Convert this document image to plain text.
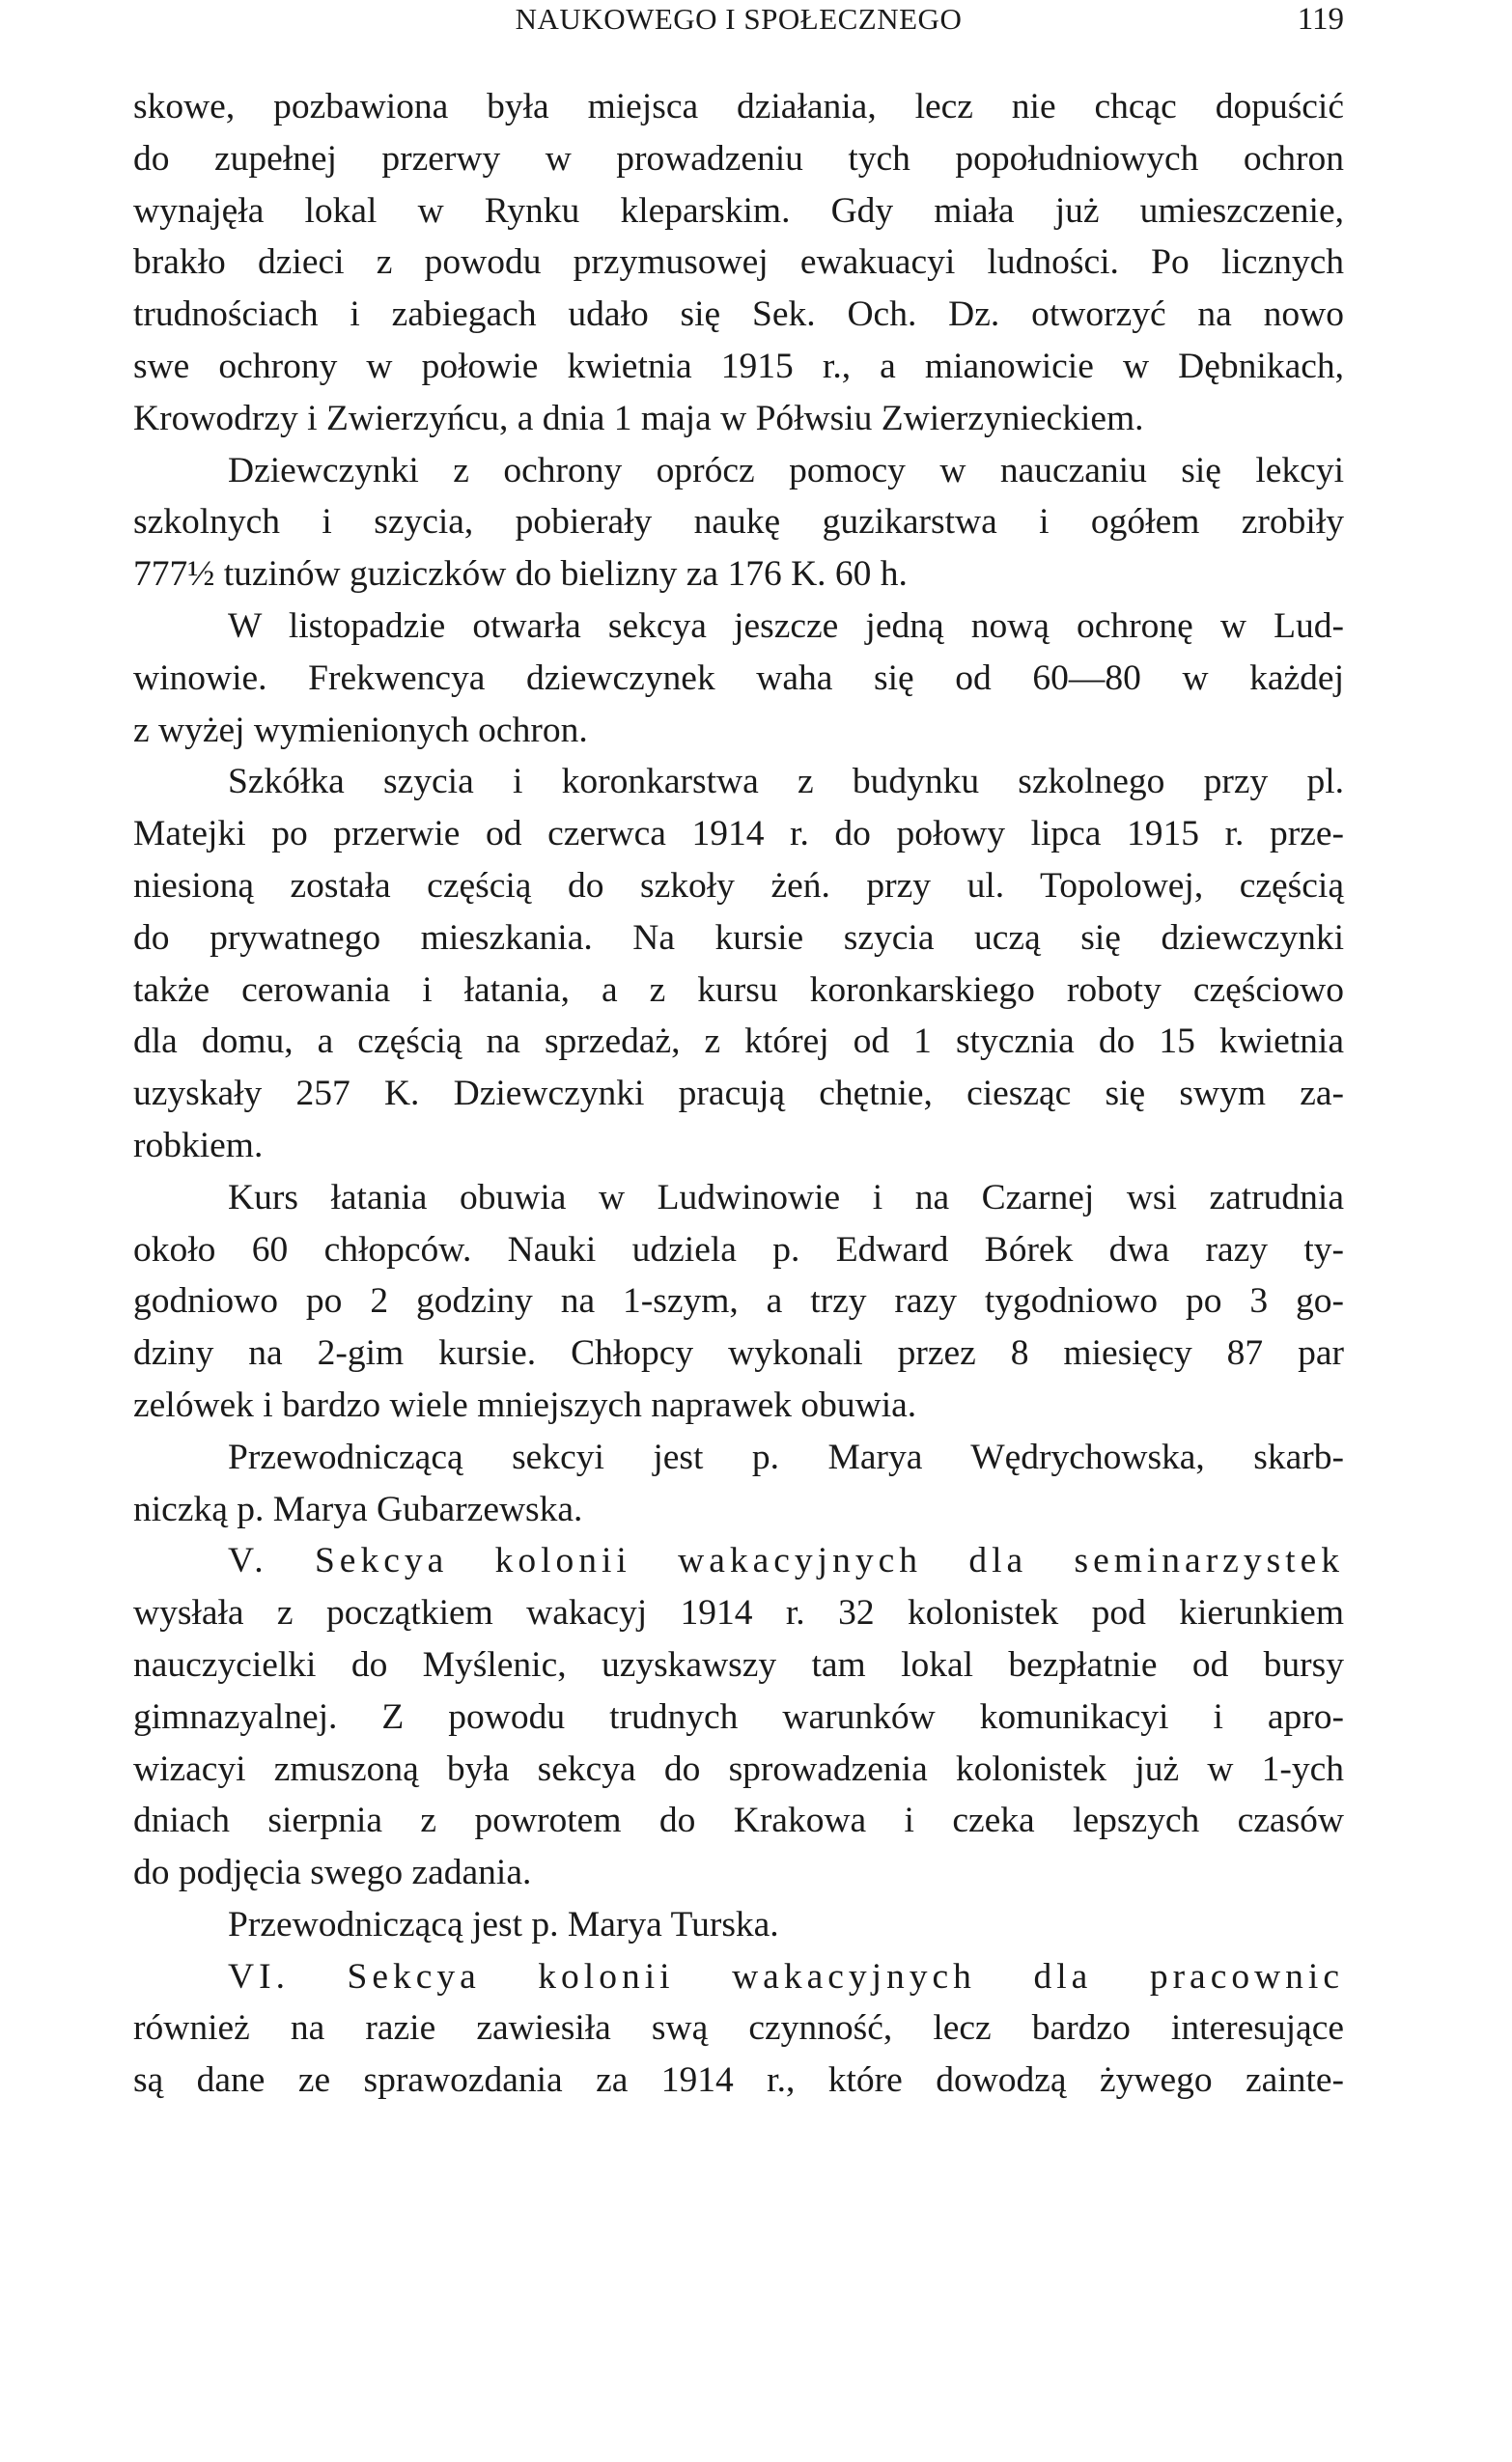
NAUKOWEGO I SPOŁECZNEGO	119
skowe, pozbawiona była miejsca działania, lecz nie chcąc dopuścić
do zupełnej przerwy w prowadzeniu tych popołudniowych ochron
wynajęła lokal w Rynku kleparskim. Gdy miała już umieszczenie,
brakło dzieci z powodu przymusowej ewakuacyi ludności. Po licznych
trudnościach i zabiegach udało się Sek. Och. Dz. otworzyć na nowo
swe ochrony w połowie kwietnia 1915 r., a mianowicie w Dębnikach,
Krowodrzy i Zwierzyńcu, a dnia 1 maja w Półwsiu Zwierzynieckiem.
Dziewczynki z ochrony oprócz pomocy w nauczaniu się lekcyi
szkolnych i szycia, pobierały naukę guzikarstwa i ogółem zrobiły
777½ tuzinów guziczków do bielizny za 176 K. 60 h.
W listopadzie otwarła sekcya jeszcze jedną nową ochronę w Lud-
winowie. Frekwencya dziewczynek waha się od 60—80 w każdej
z wyżej wymienionych ochron.
Szkółka szycia i koronkarstwa z budynku szkolnego przy pl.
Matejki po przerwie od czerwca 1914 r. do połowy lipca 1915 r. prze-
niesioną została częścią do szkoły żeń. przy ul. Topolowej, częścią
do prywatnego mieszkania. Na kursie szycia uczą się dziewczynki
także cerowania i łatania, a z kursu koronkarskiego roboty częściowo
dla domu, a częścią na sprzedaż, z której od 1 stycznia do 15 kwietnia
uzyskały 257 K. Dziewczynki pracują chętnie, ciesząc się swym za-
robkiem.
Kurs łatania obuwia w Ludwinowie i na Czarnej wsi zatrudnia
około 60 chłopców. Nauki udziela p. Edward Bórek dwa razy ty-
godniowo po 2 godziny na 1-szym, a trzy razy tygodniowo po 3 go-
dziny na 2-gim kursie. Chłopcy wykonali przez 8 miesięcy 87 par
zelówek i bardzo wiele mniejszych naprawek obuwia.
Przewodniczącą sekcyi jest p. Marya Wędrychowska, skarb-
niczką p. Marya Gubarzewska.
V. Sekcya kolonii wakacyjnych dla seminarzystek
wysłała z początkiem wakacyj 1914 r. 32 kolonistek pod kierunkiem
nauczycielki do Myślenic, uzyskawszy tam lokal bezpłatnie od bursy
gimnazyalnej. Z powodu trudnych warunków komunikacyi i apro-
wizacyi zmuszoną była sekcya do sprowadzenia kolonistek już w 1-ych
dniach sierpnia z powrotem do Krakowa i czeka lepszych czasów
do podjęcia swego zadania.
Przewodniczącą jest p. Marya Turska.
VI. Sekcya kolonii wakacyjnych dla pracownic
również na razie zawiesiła swą czynność, lecz bardzo interesujące
są dane ze sprawozdania za 1914 r., które dowodzą żywego zainte-
